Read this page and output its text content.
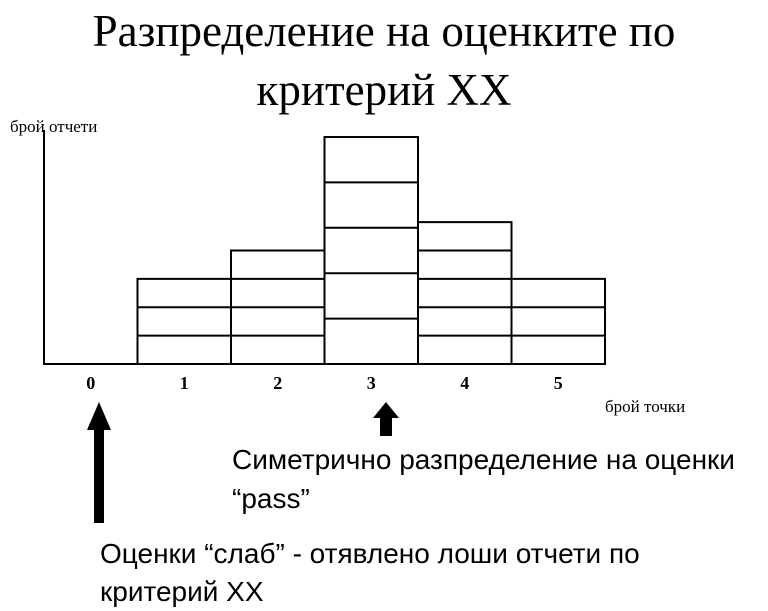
Разпределение на оценките по
критерий XX
брой отчети
брой точки
0	1	2	3	4	5
Симетрично разпределение на оценки
“pass”
Оценки “слаб” - отявлено лоши отчети по
критерий XX
